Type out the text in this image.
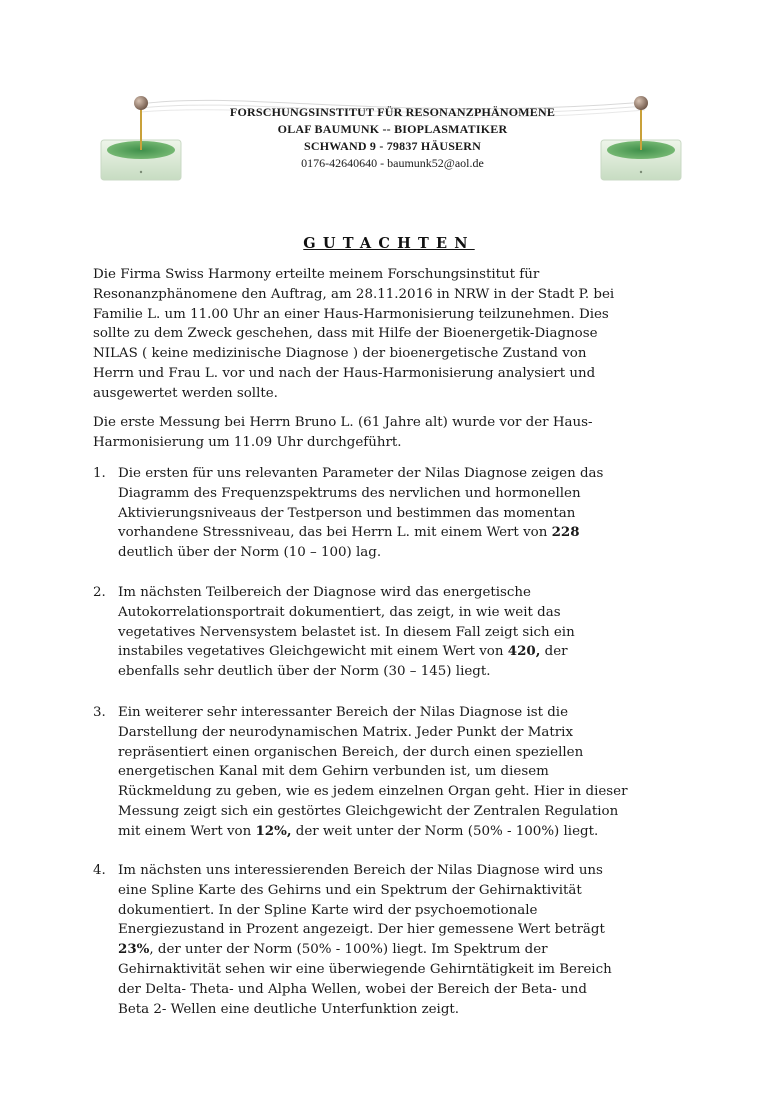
FORSCHUNGSINSTITUT FÜR RESONANZPHÄNOMENE
OLAF BAUMUNK -- BIOPLASMATIKER
SCHWAND 9 - 79837 HÄUSERN
0176-42640640 - baumunk52@aol.de
GUTACHTEN
Die Firma Swiss Harmony erteilte meinem Forschungsinstitut für
Resonanzphänomene den Auftrag, am 28.11.2016 in NRW in der Stadt P. bei
Familie L. um 11.00 Uhr an einer Haus-Harmonisierung teilzunehmen. Dies
sollte zu dem Zweck geschehen, dass mit Hilfe der Bioenergetik-Diagnose
NILAS ( keine medizinische Diagnose ) der bioenergetische Zustand von
Herrn und Frau L. vor und nach der Haus-Harmonisierung analysiert und
ausgewertet werden sollte.
Die erste Messung bei Herrn Bruno L. (61 Jahre alt) wurde vor der Haus-
Harmonisierung um 11.09 Uhr durchgeführt.
1. Die ersten für uns relevanten Parameter der Nilas Diagnose zeigen das
Diagramm des Frequenzspektrums des nervlichen und hormonellen
Aktivierungsniveaus der Testperson und bestimmen das momentan
vorhandene Stressniveau, das bei Herrn L. mit einem Wert von 228
deutlich über der Norm (10 – 100) lag.
2. Im nächsten Teilbereich der Diagnose wird das energetische
Autokorrelationsportrait dokumentiert, das zeigt, in wie weit das
vegetatives Nervensystem belastet ist. In diesem Fall zeigt sich ein
instabiles vegetatives Gleichgewicht mit einem Wert von 420, der
ebenfalls sehr deutlich über der Norm (30 – 145) liegt.
3. Ein weiterer sehr interessanter Bereich der Nilas Diagnose ist die
Darstellung der neurodynamischen Matrix. Jeder Punkt der Matrix
repräsentiert einen organischen Bereich, der durch einen speziellen
energetischen Kanal mit dem Gehirn verbunden ist, um diesem
Rückmeldung zu geben, wie es jedem einzelnen Organ geht. Hier in dieser
Messung zeigt sich ein gestörtes Gleichgewicht der Zentralen Regulation
mit einem Wert von 12%, der weit unter der Norm (50% - 100%) liegt.
4. Im nächsten uns interessierenden Bereich der Nilas Diagnose wird uns
eine Spline Karte des Gehirns und ein Spektrum der Gehirnaktivität
dokumentiert. In der Spline Karte wird der psychoemotionale
Energiezustand in Prozent angezeigt. Der hier gemessene Wert beträgt
23%, der unter der Norm (50% - 100%) liegt. Im Spektrum der
Gehirnaktivität sehen wir eine überwiegende Gehirntätigkeit im Bereich
der Delta- Theta- und Alpha Wellen, wobei der Bereich der Beta- und
Beta 2- Wellen eine deutliche Unterfunktion zeigt.
